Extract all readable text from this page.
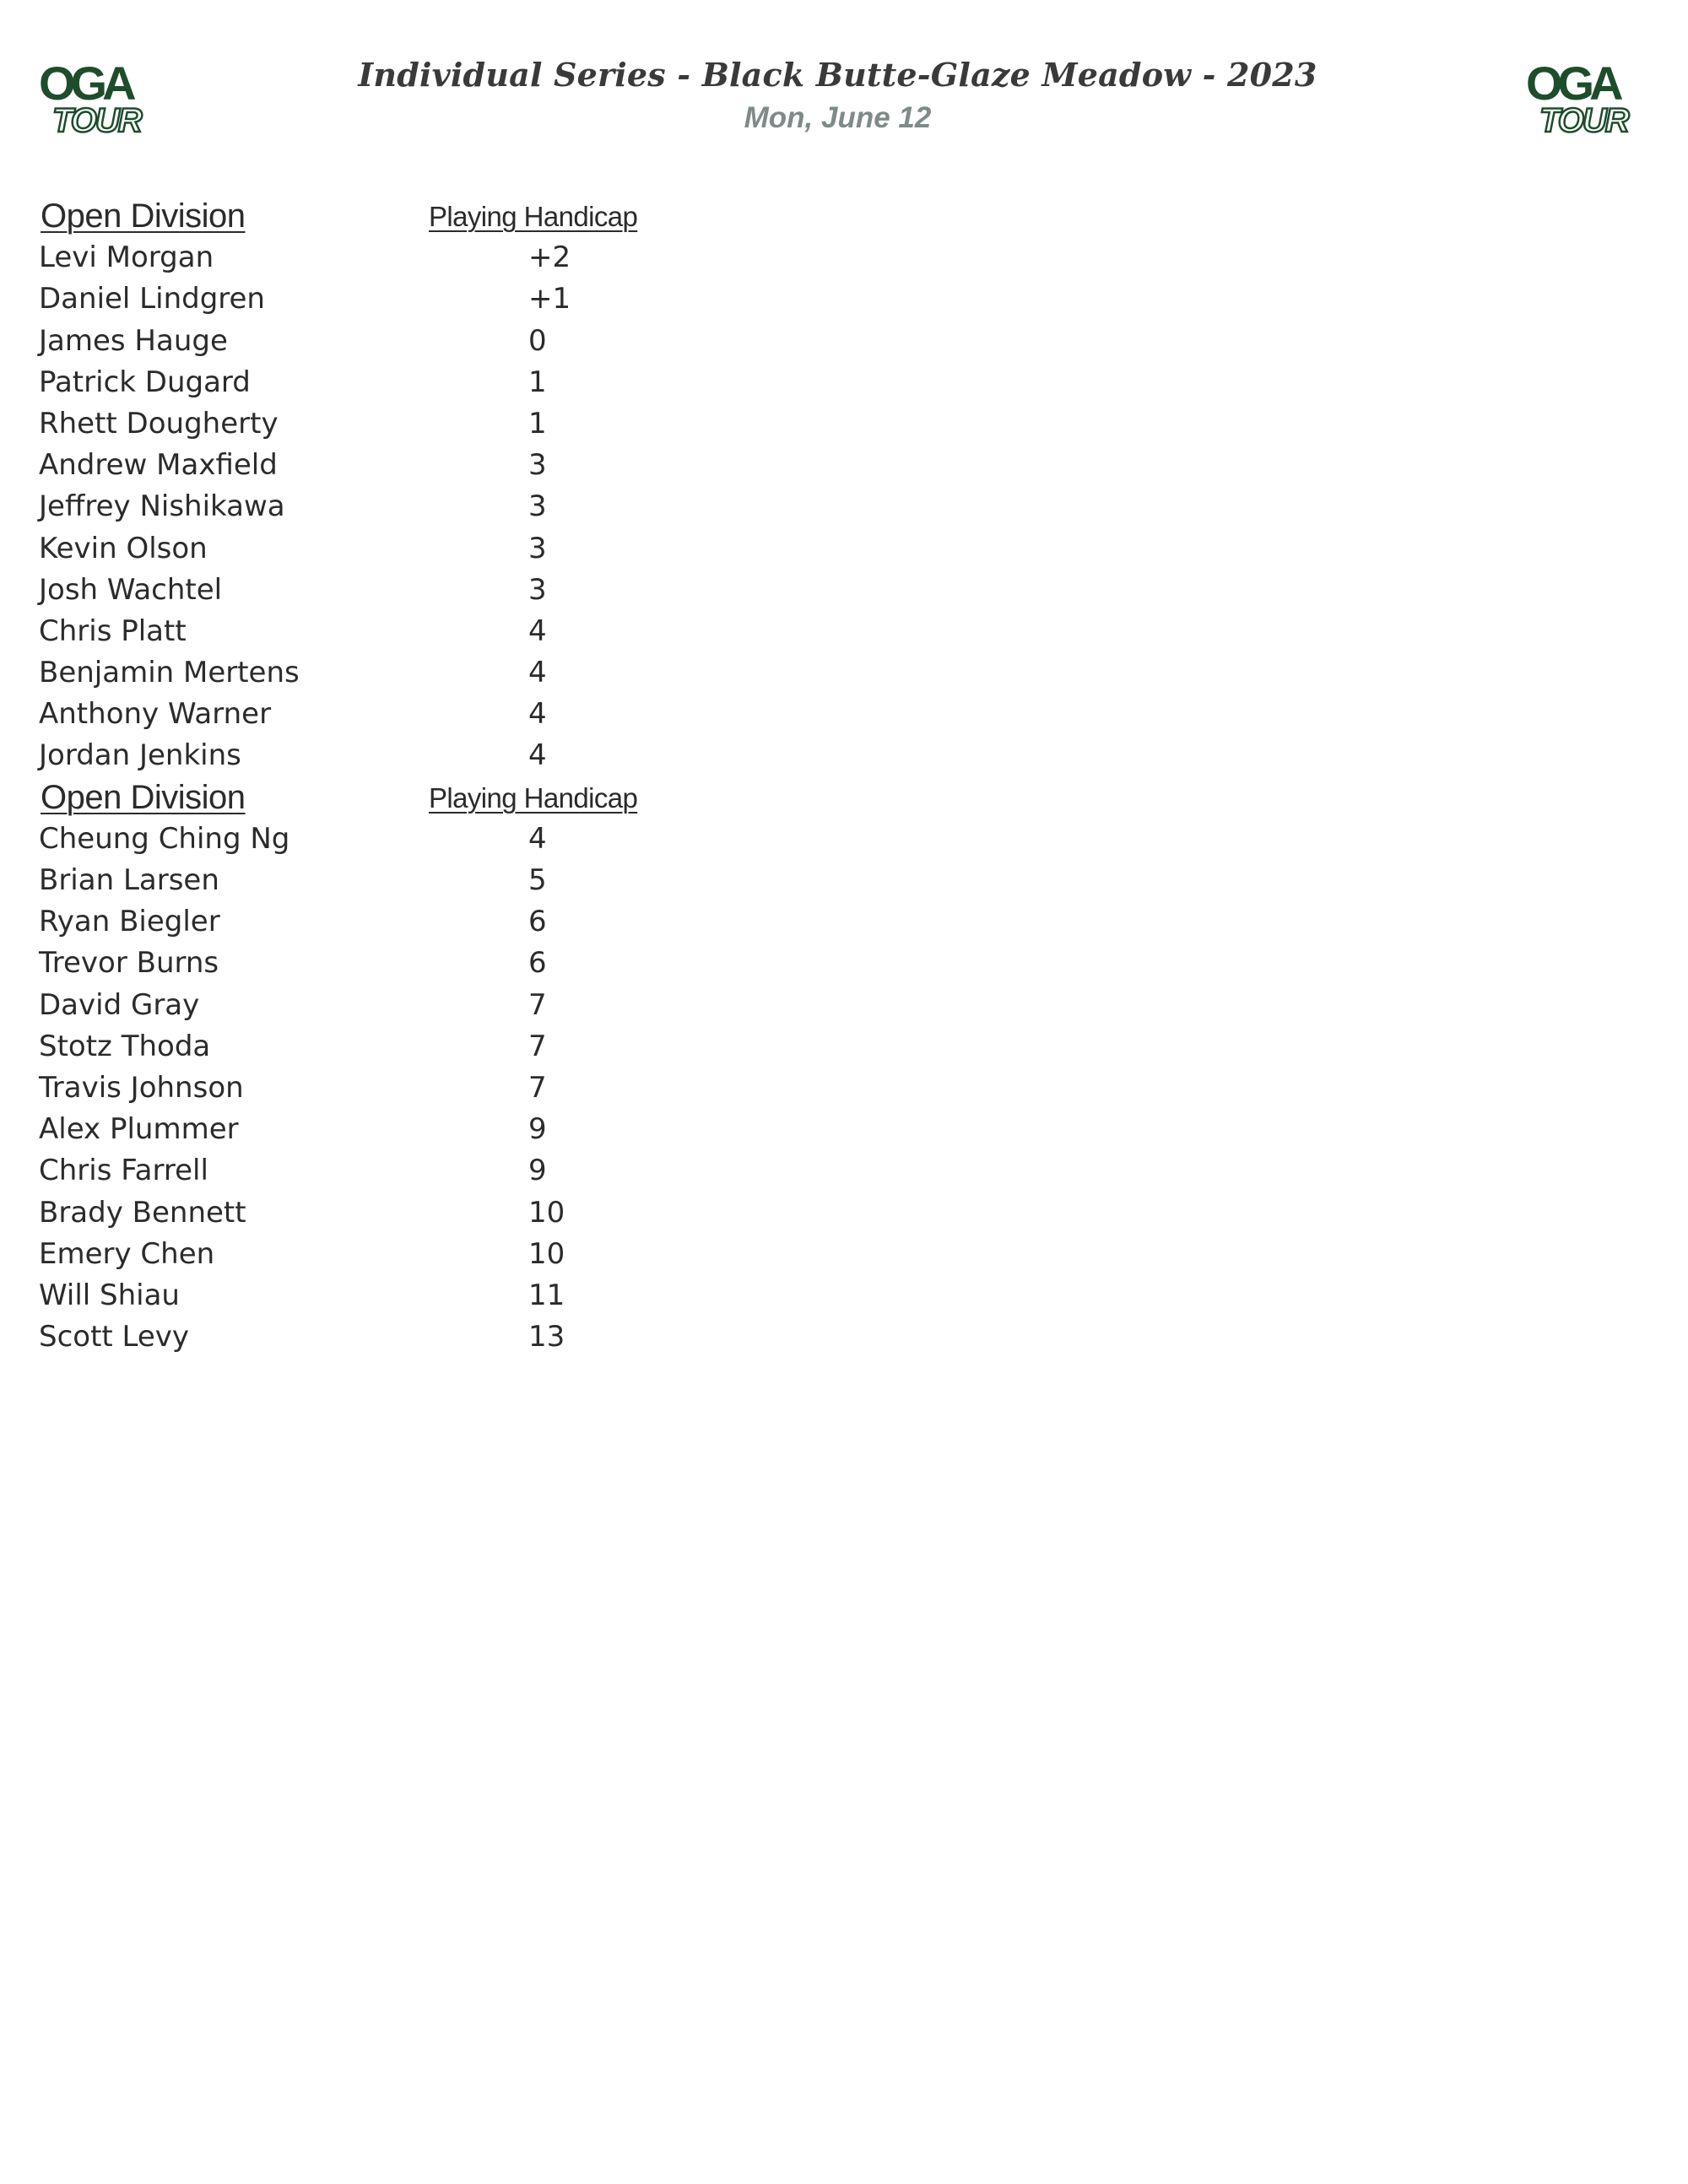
OGA
TOUR
Individual Series - Black Butte-Glaze Meadow - 2023
Mon, June 12
OGA
TOUR
Open Division	Playing Handicap
Levi Morgan	+2
Daniel Lindgren	+1
James Hauge	0
Patrick Dugard	1
Rhett Dougherty	1
Andrew Maxfield	3
Jeffrey Nishikawa	3
Kevin Olson	3
Josh Wachtel	3
Chris Platt	4
Benjamin Mertens	4
Anthony Warner	4
Jordan Jenkins	4
Open Division	Playing Handicap
Cheung Ching Ng	4
Brian Larsen	5
Ryan Biegler	6
Trevor Burns	6
David Gray	7
Stotz Thoda	7
Travis Johnson	7
Alex Plummer	9
Chris Farrell	9
Brady Bennett	10
Emery Chen	10
Will Shiau	11
Scott Levy	13
